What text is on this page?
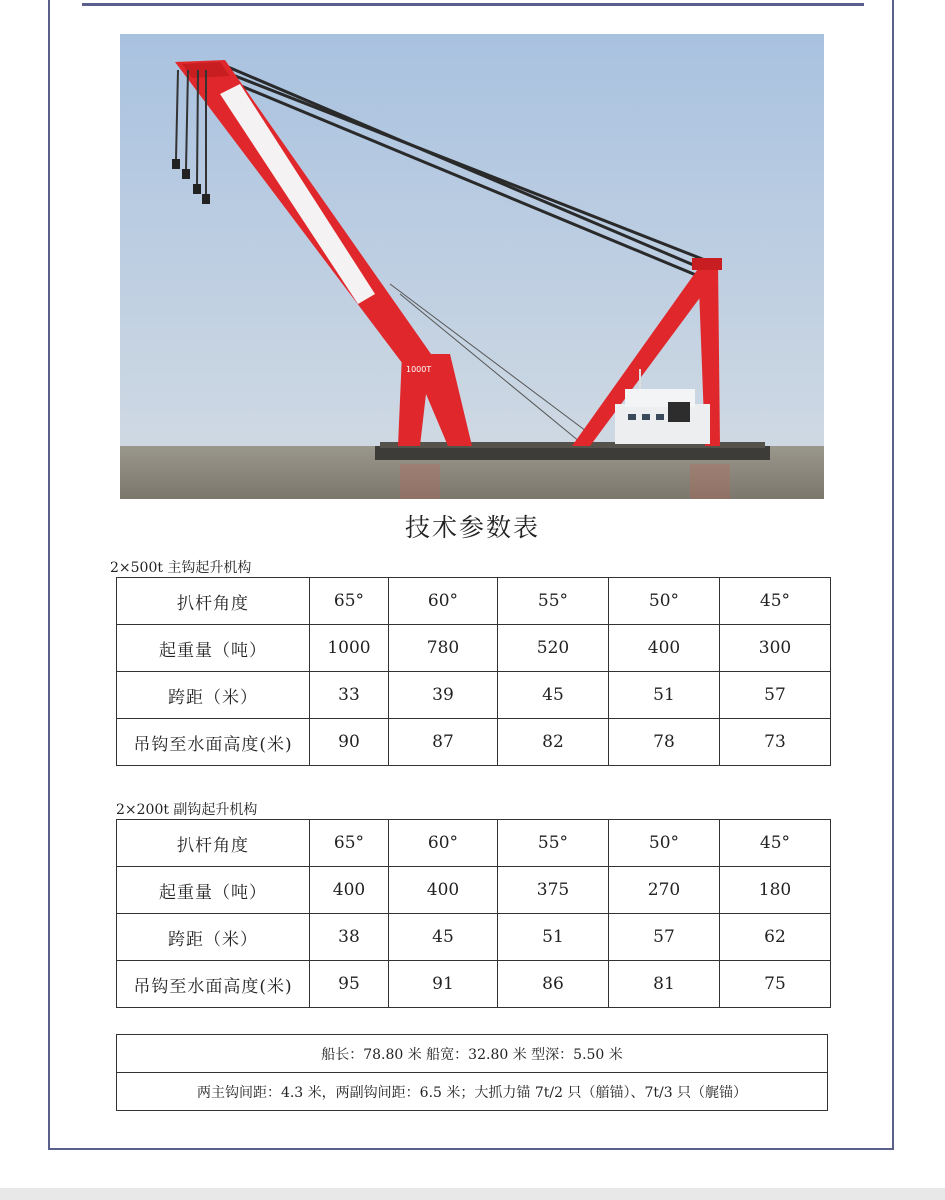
1000T
技术参数表
2×500t 主钩起升机构
扒杆角度	65°	60°	55°	50°	45°
起重量（吨）	1000	780	520	400	300
跨距（米）	33	39	45	51	57
吊钩至水面高度(米)	90	87	82	78	73
2×200t 副钩起升机构
扒杆角度	65°	60°	55°	50°	45°
起重量（吨）	400	400	375	270	180
跨距（米）	38	45	51	57	62
吊钩至水面高度(米)	95	91	86	81	75
船长：78.80 米 船宽：32.80 米 型深：5.50 米
两主钩间距：4.3 米，两副钩间距：6.5 米；大抓力锚 7t/2 只（艏锚）、7t/3 只（艉锚）
